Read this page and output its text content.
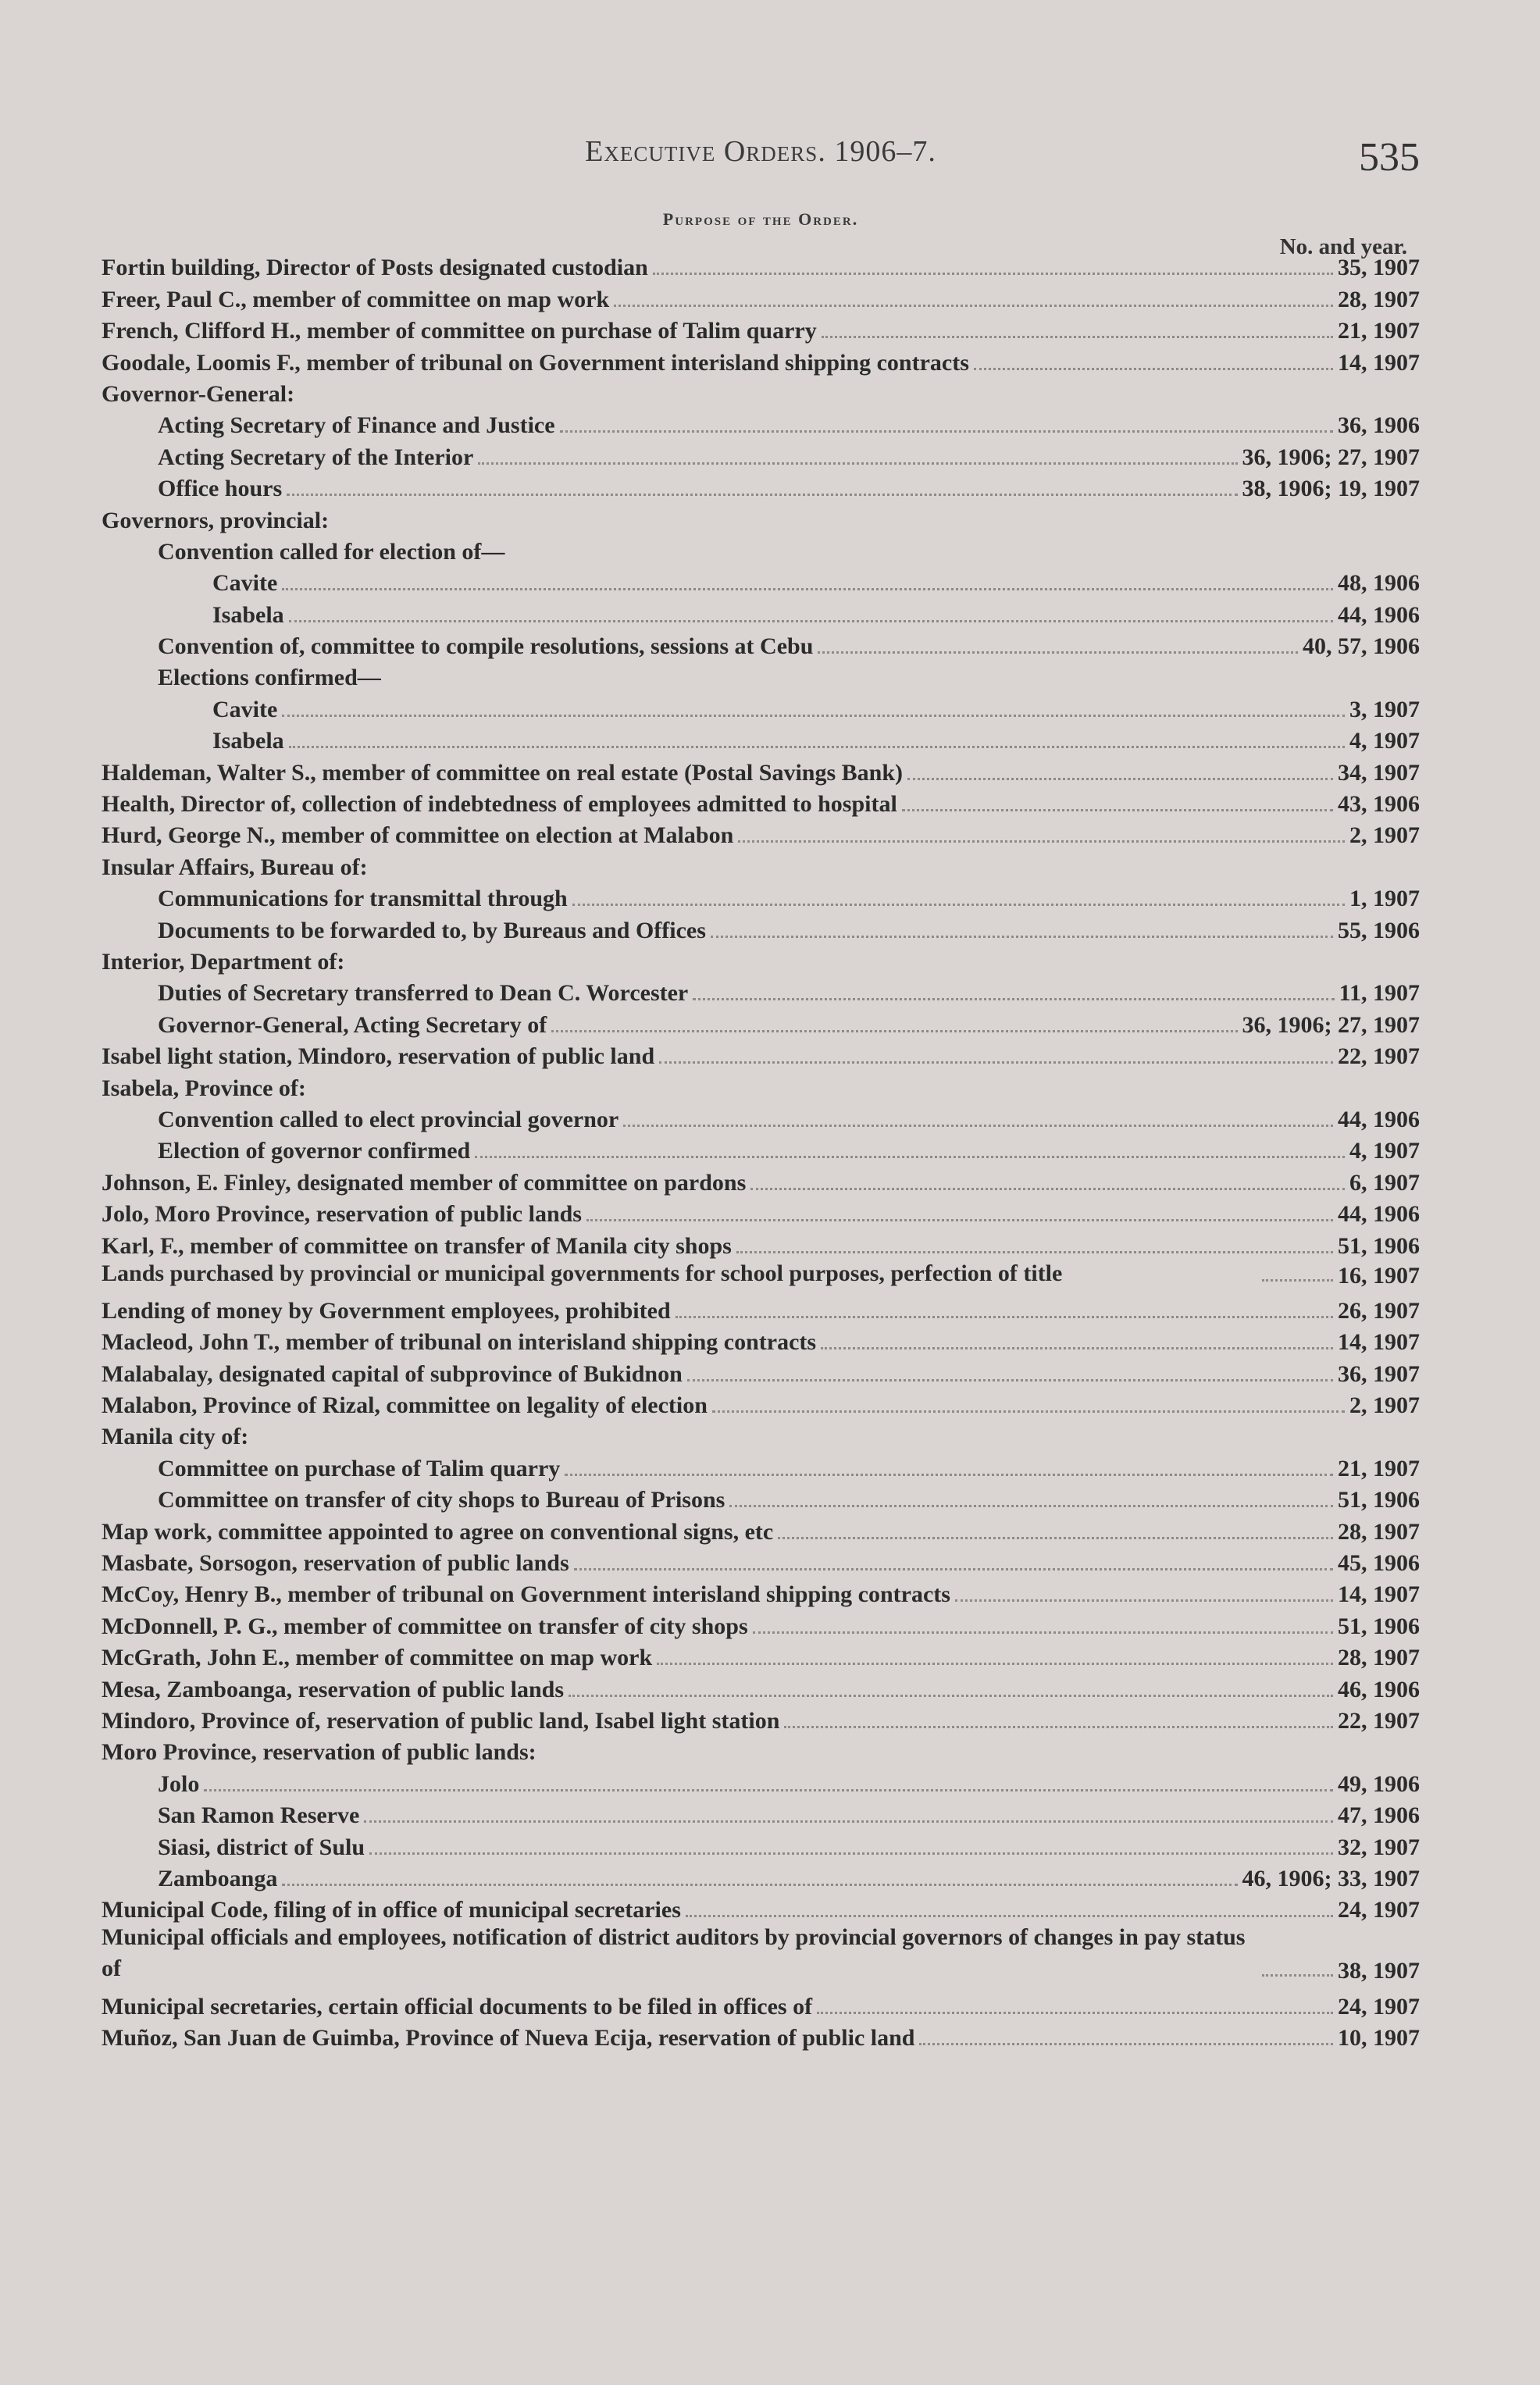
Executive Orders. 1906–7.	535
Purpose of the Order.
No. and year.
Fortin building, Director of Posts designated custodian	35, 1907
Freer, Paul C., member of committee on map work	28, 1907
French, Clifford H., member of committee on purchase of Talim quarry	21, 1907
Goodale, Loomis F., member of tribunal on Government interisland shipping contracts	14, 1907
Governor-General:
Acting Secretary of Finance and Justice	36, 1906
Acting Secretary of the Interior	36, 1906; 27, 1907
Office hours	38, 1906; 19, 1907
Governors, provincial:
Convention called for election of—
Cavite	48, 1906
Isabela	44, 1906
Convention of, committee to compile resolutions, sessions at Cebu	40, 57, 1906
Elections confirmed—
Cavite	3, 1907
Isabela	4, 1907
Haldeman, Walter S., member of committee on real estate (Postal Savings Bank)	34, 1907
Health, Director of, collection of indebtedness of employees admitted to hospital	43, 1906
Hurd, George N., member of committee on election at Malabon	2, 1907
Insular Affairs, Bureau of:
Communications for transmittal through	1, 1907
Documents to be forwarded to, by Bureaus and Offices	55, 1906
Interior, Department of:
Duties of Secretary transferred to Dean C. Worcester	11, 1907
Governor-General, Acting Secretary of	36, 1906; 27, 1907
Isabel light station, Mindoro, reservation of public land	22, 1907
Isabela, Province of:
Convention called to elect provincial governor	44, 1906
Election of governor confirmed	4, 1907
Johnson, E. Finley, designated member of committee on pardons	6, 1907
Jolo, Moro Province, reservation of public lands	44, 1906
Karl, F., member of committee on transfer of Manila city shops	51, 1906
Lands purchased by provincial or municipal governments for school purposes, perfection of title	16, 1907
Lending of money by Government employees, prohibited	26, 1907
Macleod, John T., member of tribunal on interisland shipping contracts	14, 1907
Malabalay, designated capital of subprovince of Bukidnon	36, 1907
Malabon, Province of Rizal, committee on legality of election	2, 1907
Manila city of:
Committee on purchase of Talim quarry	21, 1907
Committee on transfer of city shops to Bureau of Prisons	51, 1906
Map work, committee appointed to agree on conventional signs, etc	28, 1907
Masbate, Sorsogon, reservation of public lands	45, 1906
McCoy, Henry B., member of tribunal on Government interisland shipping contracts	14, 1907
McDonnell, P. G., member of committee on transfer of city shops	51, 1906
McGrath, John E., member of committee on map work	28, 1907
Mesa, Zamboanga, reservation of public lands	46, 1906
Mindoro, Province of, reservation of public land, Isabel light station	22, 1907
Moro Province, reservation of public lands:
Jolo	49, 1906
San Ramon Reserve	47, 1906
Siasi, district of Sulu	32, 1907
Zamboanga	46, 1906; 33, 1907
Municipal Code, filing of in office of municipal secretaries	24, 1907
Municipal officials and employees, notification of district auditors by provincial governors of changes in pay status of	38, 1907
Municipal secretaries, certain official documents to be filed in offices of	24, 1907
Muñoz, San Juan de Guimba, Province of Nueva Ecija, reservation of public land	10, 1907
